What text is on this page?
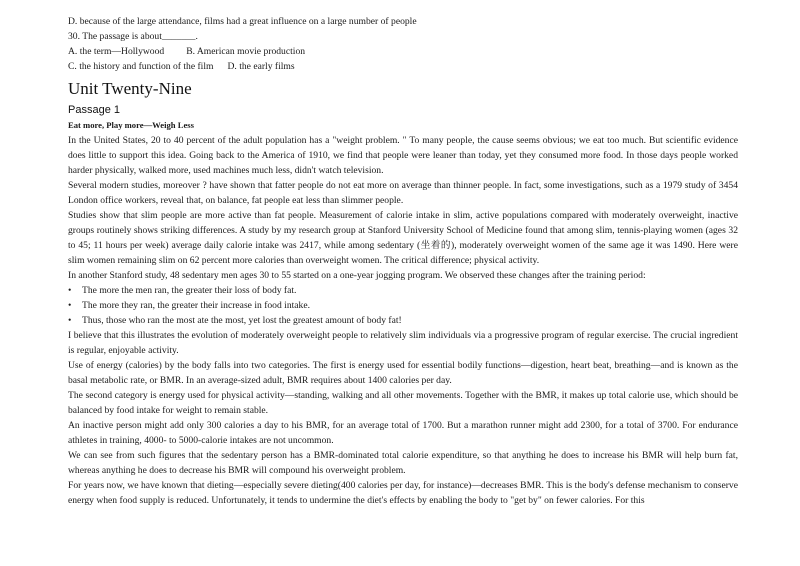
D. because of the large attendance, films had a great influence on a large number of people
30. The passage is about_______.
A. the term—Hollywood B. American movie production
C. the history and function of the film D. the early films
Unit Twenty-Nine
Passage 1
Eat more, Play more—Weigh Less

In the United States, 20 to 40 percent of the adult population has a "weight problem. " To many people, the cause seems obvious; we eat too much. But scientific evidence does little to support this idea. Going back to the America of 1910, we find that people were leaner than today, yet they consumed more food. In those days people worked harder physically, walked more, used machines much less, didn't watch television.

Several modern studies, moreover ? have shown that fatter people do not eat more on average than thinner people. In fact, some investigations, such as a 1979 study of 3454 London office workers, reveal that, on balance, fat people eat less than slimmer people.

Studies show that slim people are more active than fat people. Measurement of calorie intake in slim, active populations compared with moderately overweight, inactive groups routinely shows striking differences. A study by my research group at Stanford University School of Medicine found that among slim, tennis-playing women (ages 32 to 45; 11 hours per week) average daily calorie intake was 2417, while among sedentary (坐着的), moderately overweight women of the same age it was 1490. Here were slim women remaining slim on 62 percent more calories than overweight women. The critical difference; physical activity.

In another Stanford study, 48 sedentary men ages 30 to 55 started on a one-year jogging program. We observed these changes after the training period:

•	The more the men ran, the greater their loss of body fat.
•	The more they ran, the greater their increase in food intake.
•	Thus, those who ran the most ate the most, yet lost the greatest amount of body fat!

I believe that this illustrates the evolution of moderately overweight people to relatively slim individuals via a progressive program of regular exercise. The crucial ingredient is regular, enjoyable activity.

Use of energy (calories) by the body falls into two categories. The first is energy used for essential bodily functions—digestion, heart beat, breathing—and is known as the basal metabolic rate, or BMR. In an average-sized adult, BMR requires about 1400 calories per day.

The second category is energy used for physical activity—standing, walking and all other movements. Together with the BMR, it makes up total calorie use, which should be balanced by food intake for weight to remain stable.

An inactive person might add only 300 calories a day to his BMR, for an average total of 1700. But a marathon runner might add 2300, for a total of 3700. For endurance athletes in training, 4000- to 5000-calorie intakes are not uncommon.

We can see from such figures that the sedentary person has a BMR-dominated total calorie expenditure, so that anything he does to increase his BMR will help burn fat, whereas anything he does to decrease his BMR will compound his overweight problem.

For years now, we have known that dieting—especially severe dieting(400 calories per day, for instance)—decreases BMR. This is the body's defense mechanism to conserve energy when food supply is reduced. Unfortunately, it tends to undermine the diet's effects by enabling the body to "get by" on fewer calories. For this
